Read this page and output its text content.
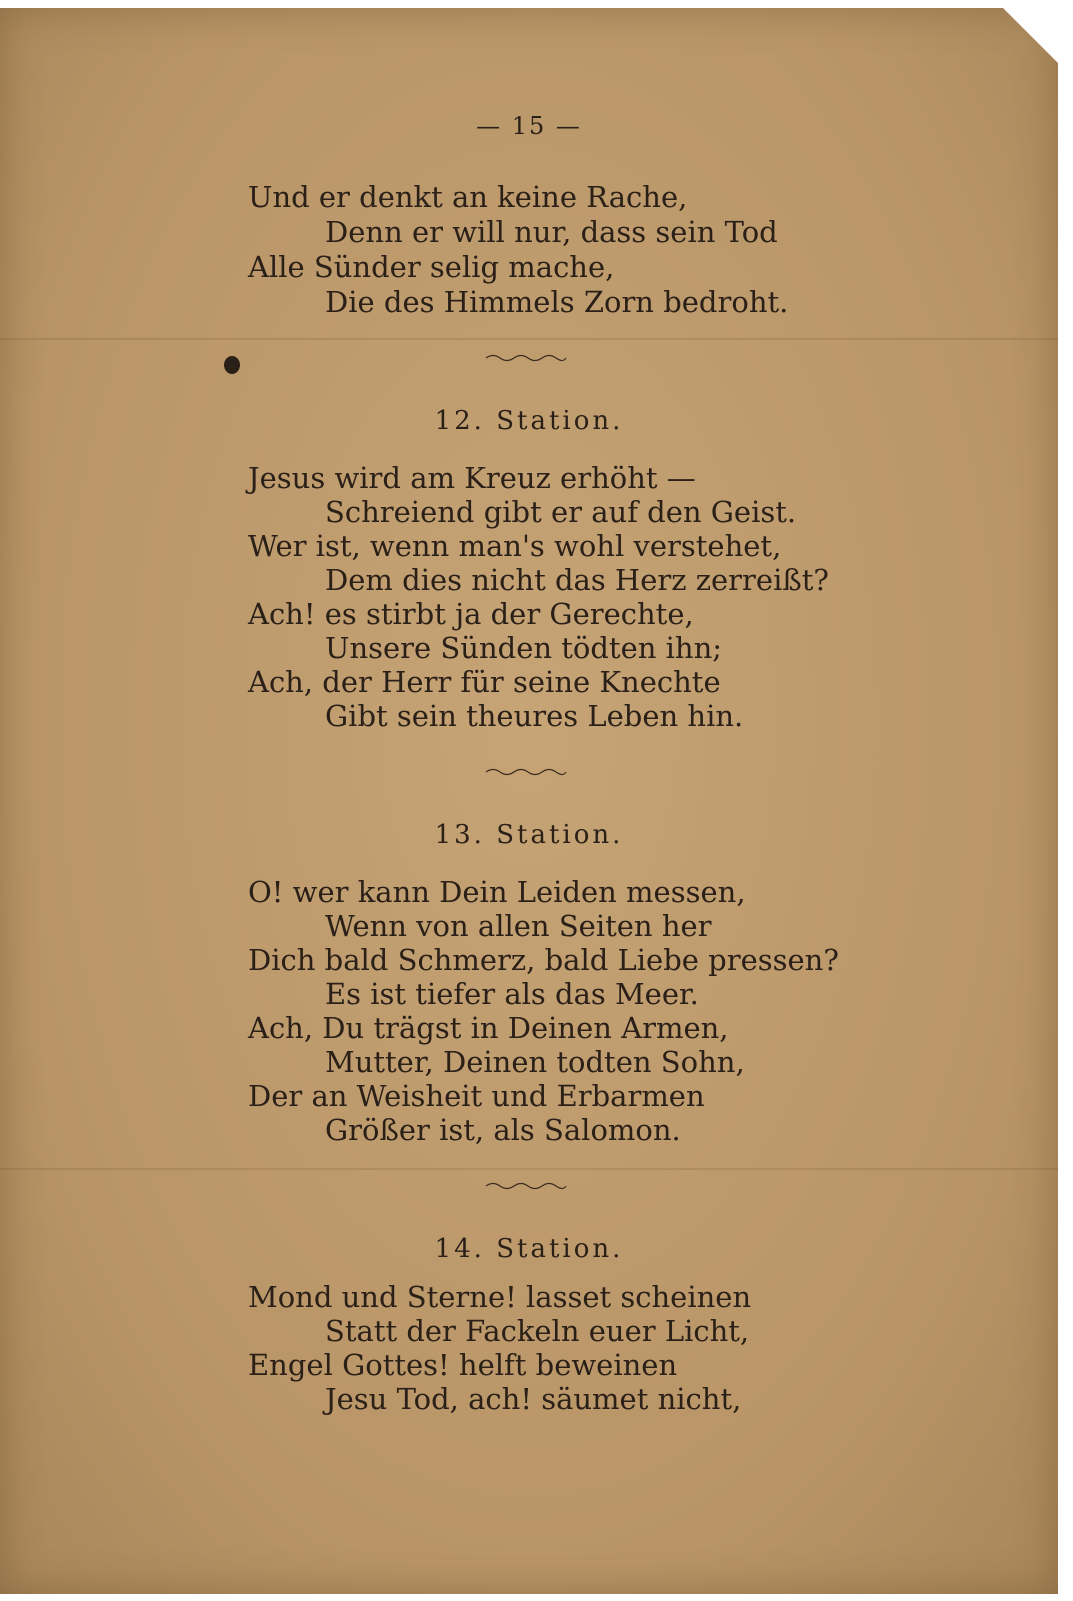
— 15 —
Und er denkt an keine Rache,
Denn er will nur, dass sein Tod
Alle Sünder selig mache,
Die des Himmels Zorn bedroht.
12. Station.
Jesus wird am Kreuz erhöht —
Schreiend gibt er auf den Geist.
Wer ist, wenn man's wohl verstehet,
Dem dies nicht das Herz zerreißt?
Ach! es stirbt ja der Gerechte,
Unsere Sünden tödten ihn;
Ach, der Herr für seine Knechte
Gibt sein theures Leben hin.
13. Station.
O! wer kann Dein Leiden messen,
Wenn von allen Seiten her
Dich bald Schmerz, bald Liebe pressen?
Es ist tiefer als das Meer.
Ach, Du trägst in Deinen Armen,
Mutter, Deinen todten Sohn,
Der an Weisheit und Erbarmen
Größer ist, als Salomon.
14. Station.
Mond und Sterne! lasset scheinen
Statt der Fackeln euer Licht,
Engel Gottes! helft beweinen
Jesu Tod, ach! säumet nicht,
